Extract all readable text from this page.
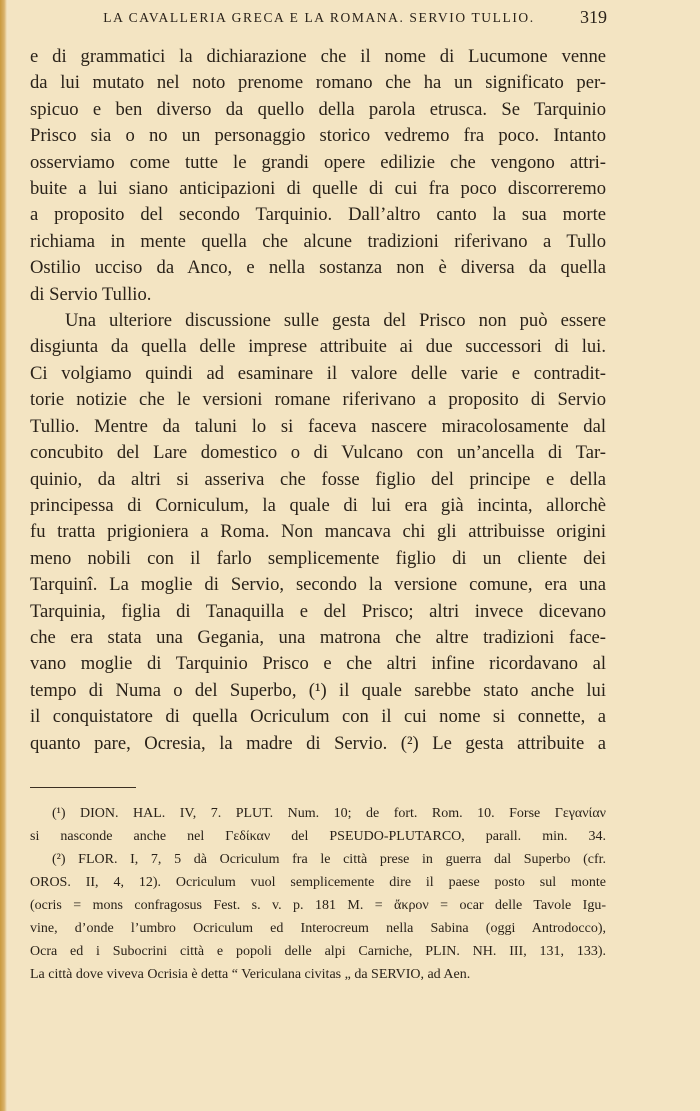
LA CAVALLERIA GRECA E LA ROMANA. SERVIO TULLIO.	319
e di grammatici la dichiarazione che il nome di Lucumone venne
da lui mutato nel noto prenome romano che ha un significato per-
spicuo e ben diverso da quello della parola etrusca. Se Tarquinio
Prisco sia o no un personaggio storico vedremo fra poco. Intanto
osserviamo come tutte le grandi opere edilizie che vengono attri-
buite a lui siano anticipazioni di quelle di cui fra poco discorreremo
a proposito del secondo Tarquinio. Dall’altro canto la sua morte
richiama in mente quella che alcune tradizioni riferivano a Tullo
Ostilio ucciso da Anco, e nella sostanza non è diversa da quella
di Servio Tullio.
Una ulteriore discussione sulle gesta del Prisco non può essere
disgiunta da quella delle imprese attribuite ai due successori di lui.
Ci volgiamo quindi ad esaminare il valore delle varie e contradit-
torie notizie che le versioni romane riferivano a proposito di Servio
Tullio. Mentre da taluni lo si faceva nascere miracolosamente dal
concubito del Lare domestico o di Vulcano con un’ancella di Tar-
quinio, da altri si asseriva che fosse figlio del principe e della
principessa di Corniculum, la quale di lui era già incinta, allorchè
fu tratta prigioniera a Roma. Non mancava chi gli attribuisse origini
meno nobili con il farlo semplicemente figlio di un cliente dei
Tarquinî. La moglie di Servio, secondo la versione comune, era una
Tarquinia, figlia di Tanaquilla e del Prisco; altri invece dicevano
che era stata una Gegania, una matrona che altre tradizioni face-
vano moglie di Tarquinio Prisco e che altri infine ricordavano al
tempo di Numa o del Superbo, (¹) il quale sarebbe stato anche lui
il conquistatore di quella Ocriculum con il cui nome si connette, a
quanto pare, Ocresia, la madre di Servio. (²) Le gesta attribuite a
(¹) DION. HAL. IV, 7. PLUT. Num. 10; de fort. Rom. 10. Forse Γεγανίαν
si nasconde anche nel Γεδίκαν del PSEUDO-PLUTARCO, parall. min. 34.
(²) FLOR. I, 7, 5 dà Ocriculum fra le città prese in guerra dal Superbo (cfr.
OROS. II, 4, 12). Ocriculum vuol semplicemente dire il paese posto sul monte
(ocris = mons confragosus Fest. s. v. p. 181 M. = ἄκρον = ocar delle Tavole Igu-
vine, d’onde l’umbro Ocriculum ed Interocreum nella Sabina (oggi Antrodocco),
Ocra ed i Subocrini città e popoli delle alpi Carniche, PLIN. NH. III, 131, 133).
La città dove viveva Ocrisia è detta “ Vericulana civitas „ da SERVIO, ad Aen.
